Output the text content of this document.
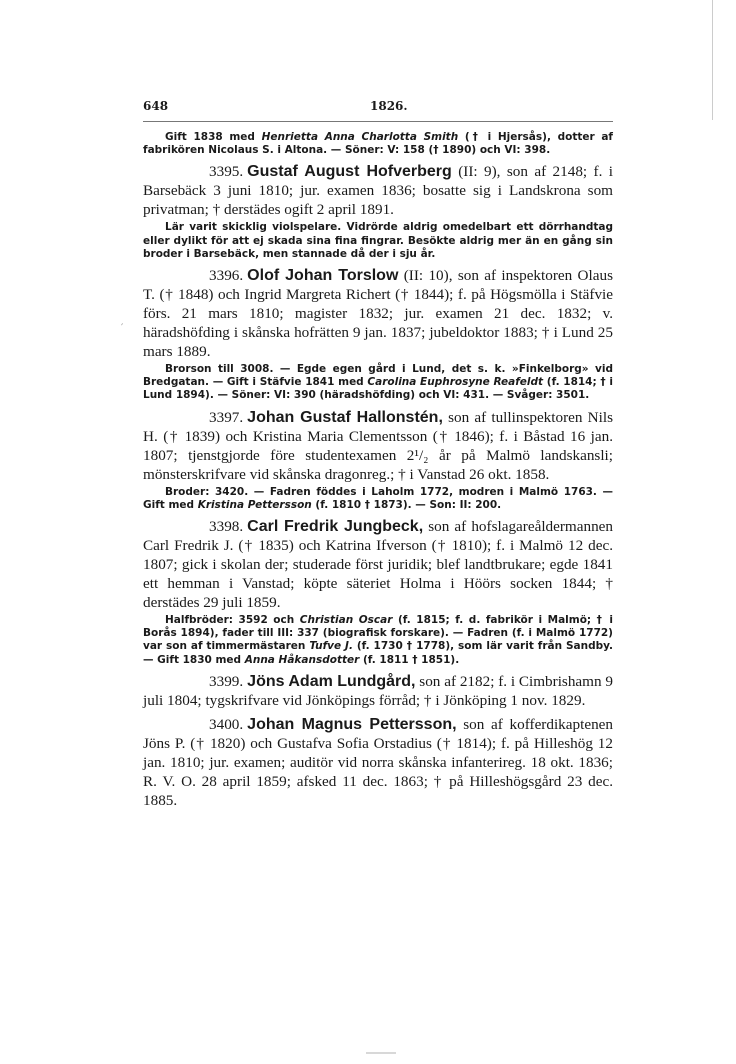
648	1826.
′

Gift 1838 med Henrietta Anna Charlotta Smith († i Hjersås), dotter af fabrikören Nicolaus S. i Altona. — Söner: V: 158 († 1890) och VI: 398.

3395. Gustaf August Hofverberg (II: 9), son af 2148; f. i Barsebäck 3 juni 1810; jur. examen 1836; bosatte sig i Landskrona som privatman; † derstädes ogift 2 april 1891.

Lär varit skicklig violspelare. Vidrörde aldrig omedelbart ett dörrhandtag eller dylikt för att ej skada sina fina fingrar. Besökte aldrig mer än en gång sin broder i Barsebäck, men stannade då der i sju år.

3396. Olof Johan Torslow (II: 10), son af inspektoren Olaus T. († 1848) och Ingrid Margreta Richert († 1844); f. på Högsmölla i Stäfvie förs. 21 mars 1810; magister 1832; jur. examen 21 dec. 1832; v. häradshöfding i skånska hofrätten 9 jan. 1837; jubeldoktor 1883; † i Lund 25 mars 1889.

Brorson till 3008. — Egde egen gård i Lund, det s. k. »Finkelborg» vid Bredgatan. — Gift i Stäfvie 1841 med Carolina Euphrosyne Reafeldt (f. 1814; † i Lund 1894). — Söner: VI: 390 (häradshöfding) och VI: 431. — Svåger: 3501.

3397. Johan Gustaf Hallonstén, son af tullinspektoren Nils H. († 1839) och Kristina Maria Clementsson († 1846); f. i Båstad 16 jan. 1807; tjenstgjorde före studentexamen 2¹/₂ år på Malmö landskansli; mönsterskrifvare vid skånska dragonreg.; † i Vanstad 26 okt. 1858.

Broder: 3420. — Fadren föddes i Laholm 1772, modren i Malmö 1763. — Gift med Kristina Pettersson (f. 1810 † 1873). — Son: II: 200.

3398. Carl Fredrik Jungbeck, son af hofslagareåldermannen Carl Fredrik J. († 1835) och Katrina Ifverson († 1810); f. i Malmö 12 dec. 1807; gick i skolan der; studerade först juridik; blef landtbrukare; egde 1841 ett hemman i Vanstad; köpte säteriet Holma i Höörs socken 1844; † derstädes 29 juli 1859.

Halfbröder: 3592 och Christian Oscar (f. 1815; f. d. fabrikör i Malmö; † i Borås 1894), fader till III: 337 (biografisk forskare). — Fadren (f. i Malmö 1772) var son af timmermästaren Tufve J. (f. 1730 † 1778), som lär varit från Sandby. — Gift 1830 med Anna Håkansdotter (f. 1811 † 1851).

3399. Jöns Adam Lundgård, son af 2182; f. i Cimbrishamn 9 juli 1804; tygskrifvare vid Jönköpings förråd; † i Jönköping 1 nov. 1829.

3400. Johan Magnus Pettersson, son af kofferdikaptenen Jöns P. († 1820) och Gustafva Sofia Orstadius († 1814); f. på Hilleshög 12 jan. 1810; jur. examen; auditör vid norra skånska infanterireg. 18 okt. 1836; R. V. O. 28 april 1859; afsked 11 dec. 1863; † på Hilleshögsgård 23 dec. 1885.
